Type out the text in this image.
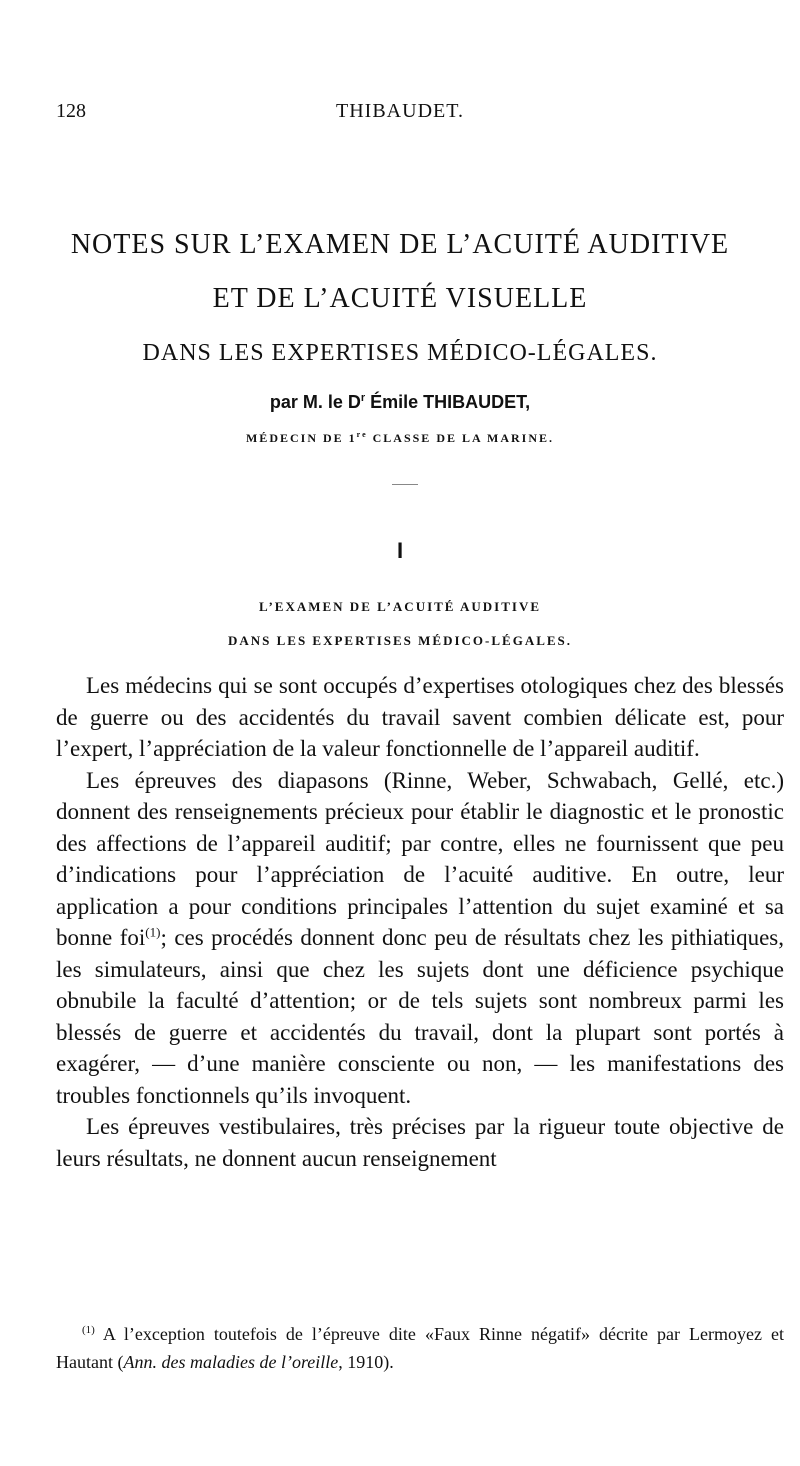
128	THIBAUDET.
NOTES SUR L’EXAMEN DE L’ACUITÉ AUDITIVE
ET DE L’ACUITÉ VISUELLE
DANS LES EXPERTISES MÉDICO-LÉGALES.
par M. le $D^r$ Émile THIBAUDET,
MÉDECIN DE 1re CLASSE DE LA MARINE.
I
L’EXAMEN DE L’ACUITÉ AUDITIVE
DANS LES EXPERTISES MÉDICO-LÉGALES.

Les médecins qui se sont occupés d’expertises otologiques chez des blessés de guerre ou des accidentés du travail savent combien délicate est, pour l’expert, l’appréciation de la valeur fonctionnelle de l’appareil auditif.

Les épreuves des diapasons (Rinne, Weber, Schwabach, Gellé, etc.) donnent des renseignements précieux pour établir le diagnostic et le pronostic des affections de l’appareil auditif; par contre, elles ne fournissent que peu d’indications pour l’appréciation de l’acuité auditive. En outre, leur application a pour conditions principales l’attention du sujet examiné et sa bonne foi$^{(1)}$; ces procédés donnent donc peu de résultats chez les pithiatiques, les simulateurs, ainsi que chez les sujets dont une déficience psychique obnubile la faculté d’attention; or de tels sujets sont nombreux parmi les blessés de guerre et accidentés du travail, dont la plupart sont portés à exagérer, — d’une manière consciente ou non, — les manifestations des troubles fonctionnels qu’ils invoquent.

Les épreuves vestibulaires, très précises par la rigueur toute objective de leurs résultats, ne donnent aucun renseignement

$^{(1)}$ A l’exception toutefois de l’épreuve dite «Faux Rinne négatif» décrite par Lermoyez et Hautant (Ann. des maladies de l’oreille, 1910).
